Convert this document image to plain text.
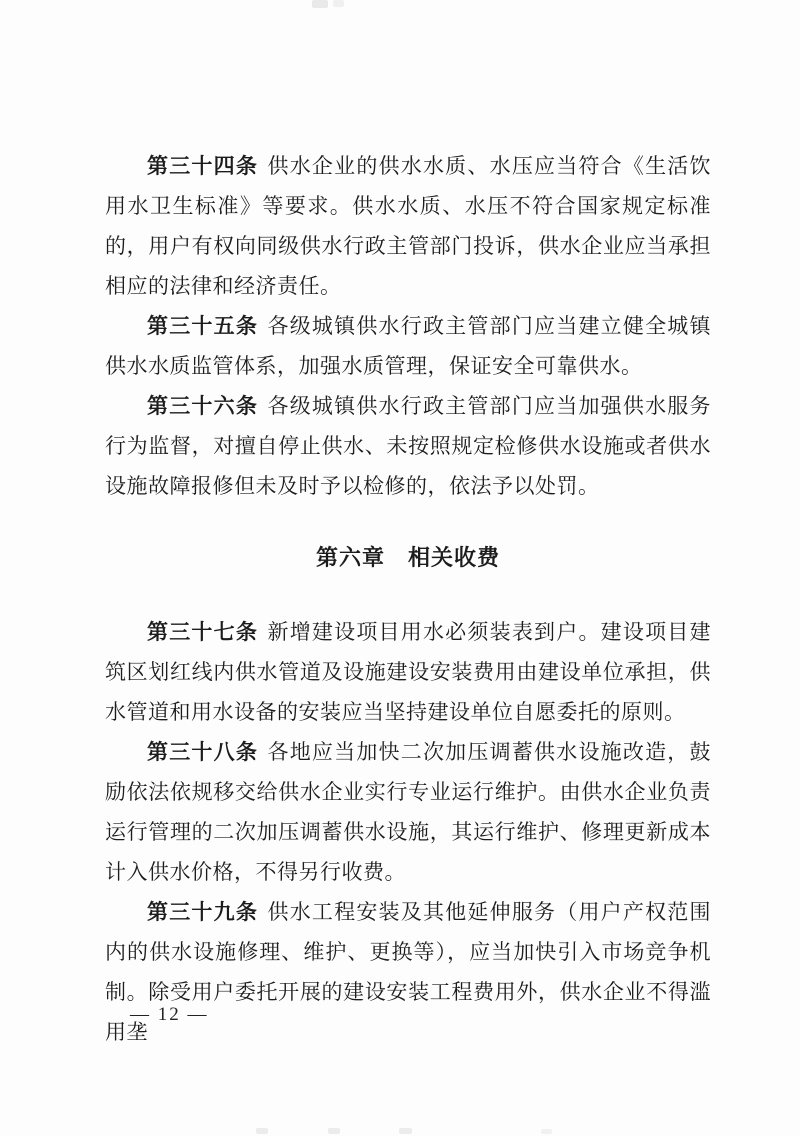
第三十四条 供水企业的供水水质、水压应当符合《生活饮用水卫生标准》等要求。供水水质、水压不符合国家规定标准的，用户有权向同级供水行政主管部门投诉，供水企业应当承担相应的法律和经济责任。

第三十五条 各级城镇供水行政主管部门应当建立健全城镇供水水质监管体系，加强水质管理，保证安全可靠供水。

第三十六条 各级城镇供水行政主管部门应当加强供水服务行为监督，对擅自停止供水、未按照规定检修供水设施或者供水设施故障报修但未及时予以检修的，依法予以处罚。

第六章　相关收费

第三十七条 新增建设项目用水必须装表到户。建设项目建筑区划红线内供水管道及设施建设安装费用由建设单位承担，供水管道和用水设备的安装应当坚持建设单位自愿委托的原则。

第三十八条 各地应当加快二次加压调蓄供水设施改造，鼓励依法依规移交给供水企业实行专业运行维护。由供水企业负责运行管理的二次加压调蓄供水设施，其运行维护、修理更新成本计入供水价格，不得另行收费。

第三十九条 供水工程安装及其他延伸服务（用户产权范围内的供水设施修理、维护、更换等），应当加快引入市场竞争机制。除受用户委托开展的建设安装工程费用外，供水企业不得滥用垄

— 12 —
